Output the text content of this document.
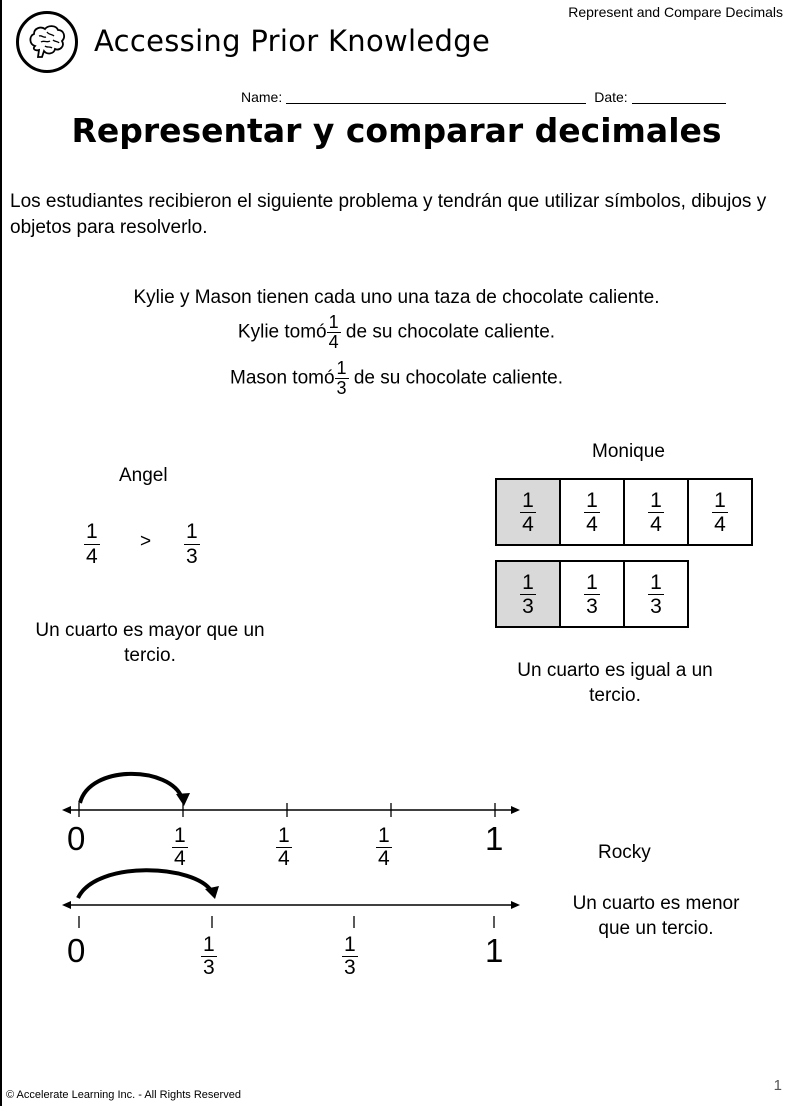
Accessing Prior Knowledge
Represent and Compare Decimals
Name:	Date:
Representar y comparar decimales
Los estudiantes recibieron el siguiente problema y tendrán que utilizar símbolos, dibujos y objetos para resolverlo.
Kylie y Mason tienen cada uno una taza de chocolate caliente.
Kylie tomó $\frac{1}{4}$ de su chocolate caliente.
Mason tomó $\frac{1}{3}$ de su chocolate caliente.
Angel
$\frac{1}{4} > \frac{1}{3}$
Un cuarto es mayor que un tercio.
Monique
$\frac{1}{4} \frac{1}{4} \frac{1}{4} \frac{1}{4}$
$\frac{1}{3} \frac{1}{3} \frac{1}{3}$
Un cuarto es igual a un tercio.
0	$\frac{1}{4}$	$\frac{1}{4}$	$\frac{1}{4}$	1
0	$\frac{1}{3}$	$\frac{1}{3}$	1
Rocky
Un cuarto es menor que un tercio.
© Accelerate Learning Inc. - All Rights Reserved
1
